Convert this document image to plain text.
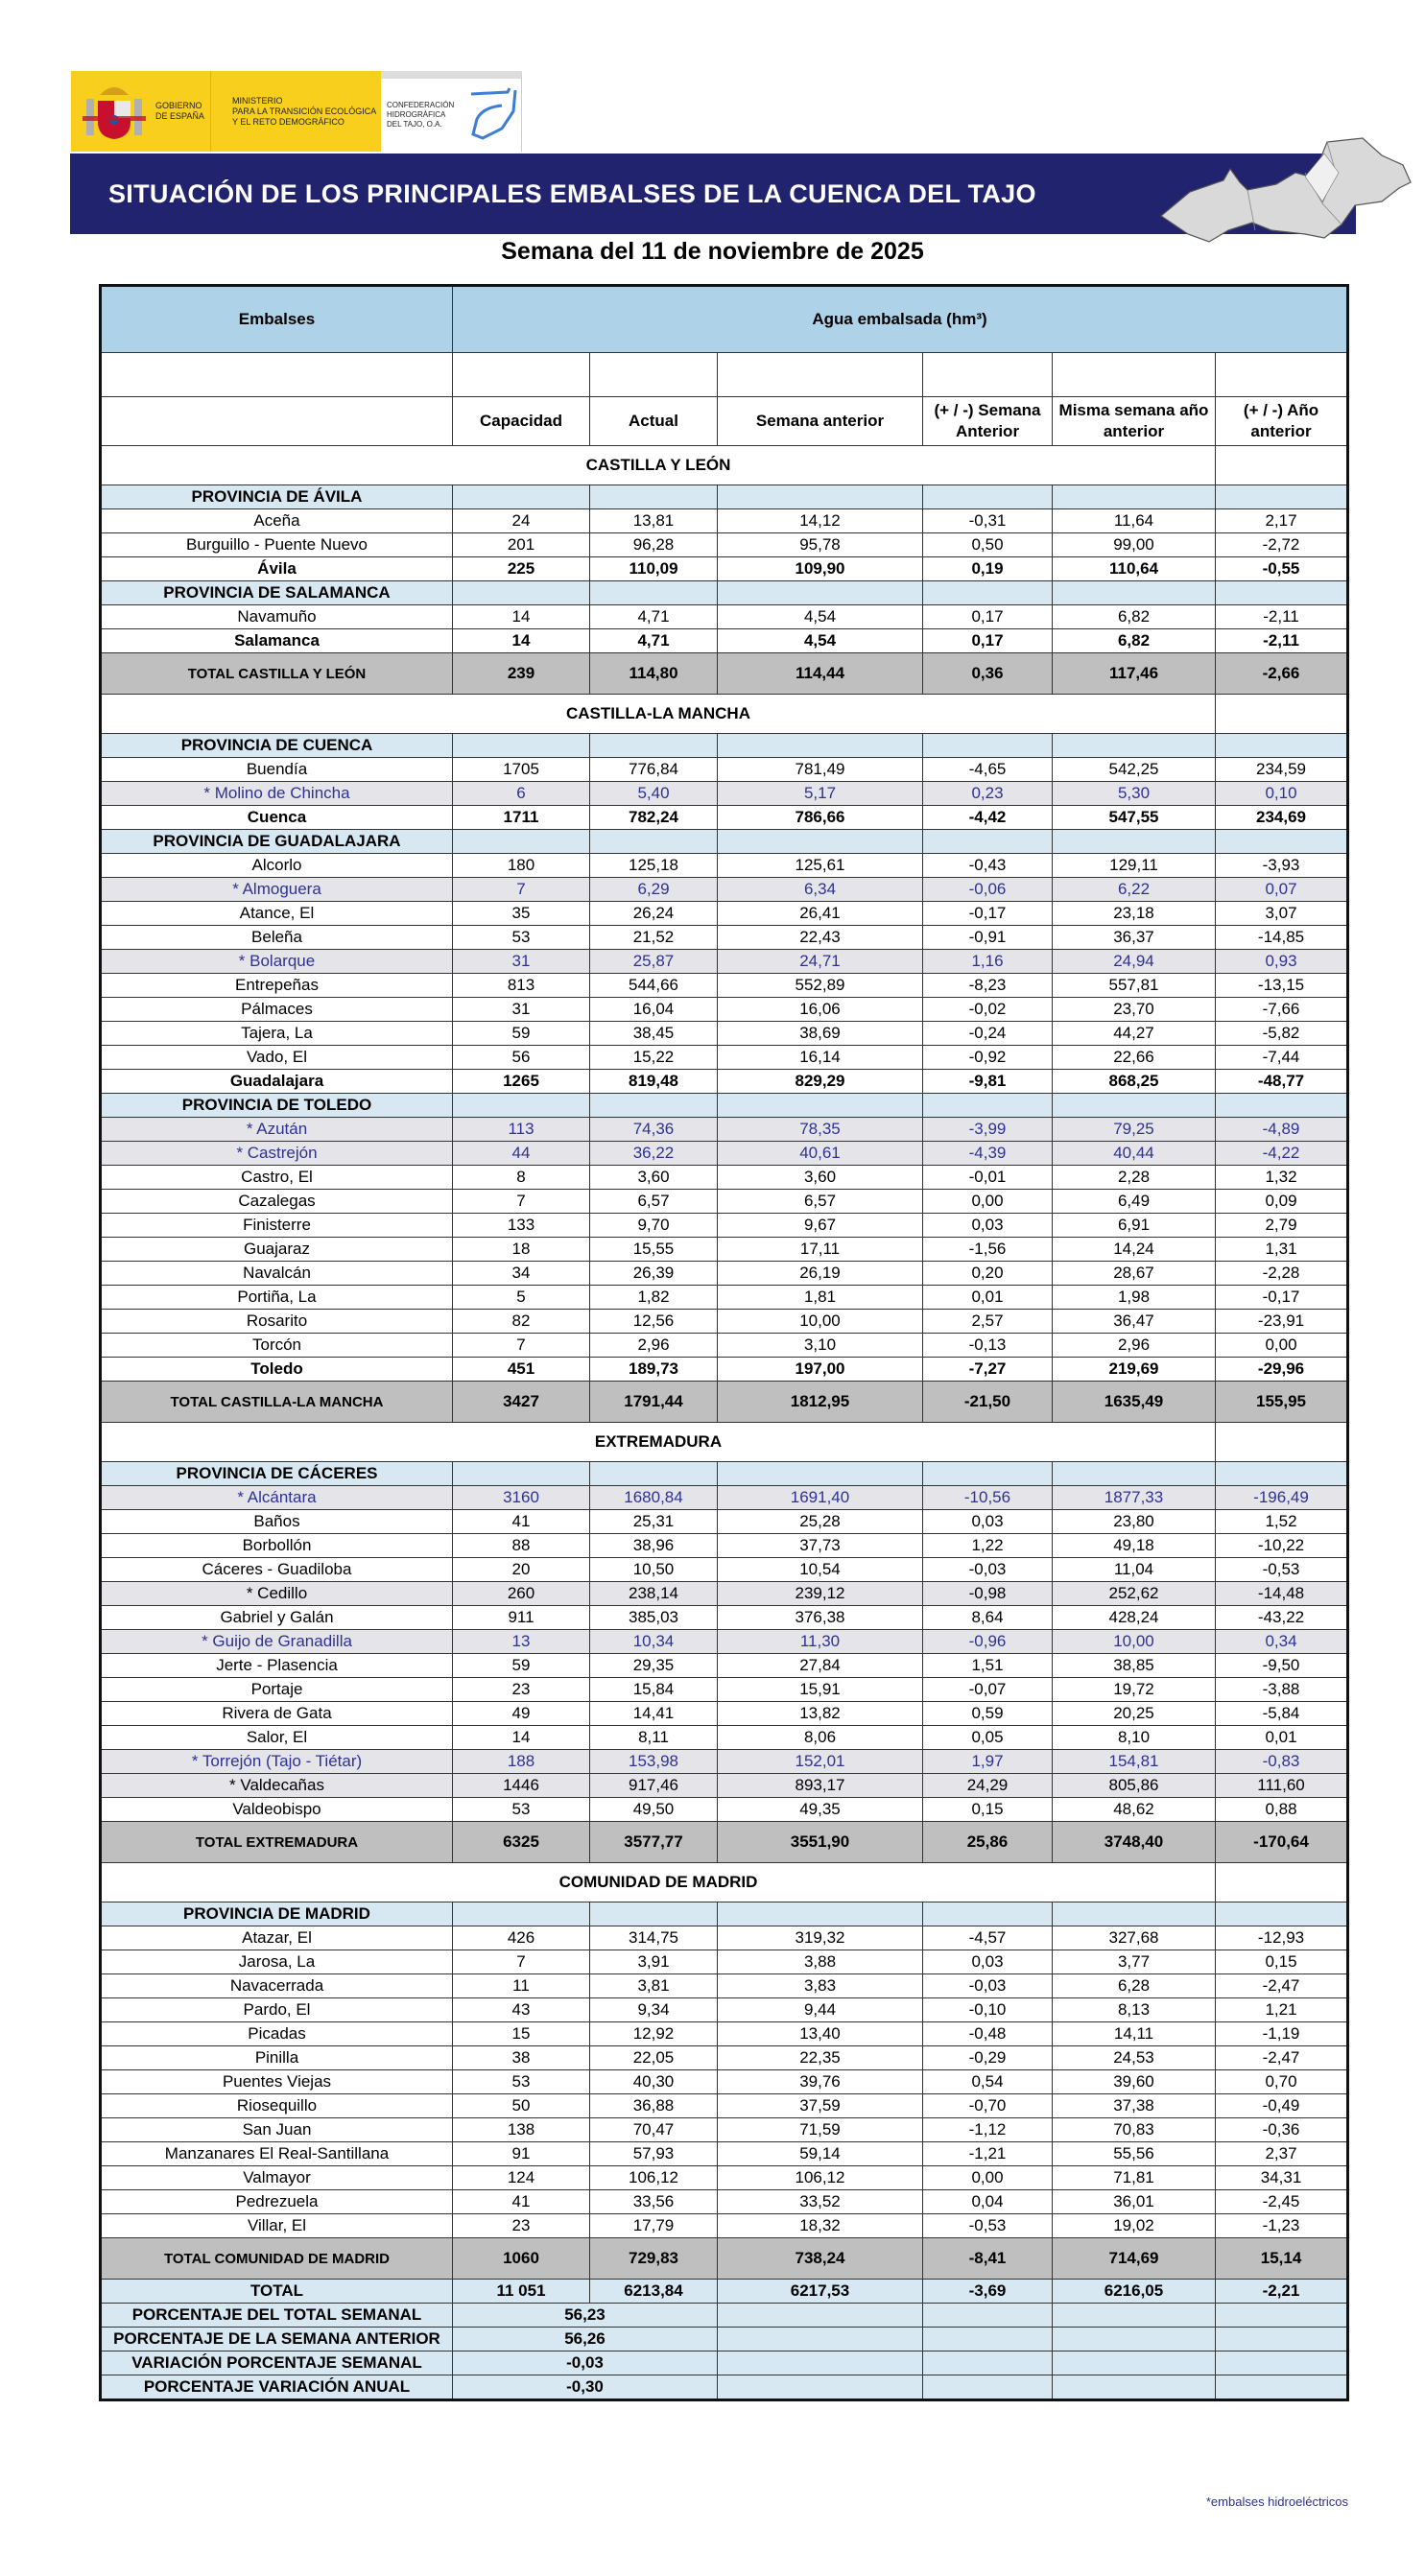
GOBIERNO
DE ESPAÑA
MINISTERIO
PARA LA TRANSICIÓN ECOLÓGICA
Y EL RETO DEMOGRÁFICO
CONFEDERACIÓN
HIDROGRÁFICA
DEL TAJO, O.A.
SITUACIÓN DE LOS PRINCIPALES EMBALSES DE LA CUENCA DEL TAJO
Semana del 11 de noviembre de 2025
Embalses	Agua embalsada (hm³)					

	Capacidad	Actual	Semana anterior	(+ / -) Semana Anterior	Misma semana año anterior	(+ / -) Año anterior
CASTILLA Y LEÓN						
PROVINCIA DE ÁVILA						
Aceña	24	13,81	14,12	-0,31	11,64	2,17
Burguillo - Puente Nuevo	201	96,28	95,78	0,50	99,00	-2,72
Ávila	225	110,09	109,90	0,19	110,64	-0,55
PROVINCIA DE SALAMANCA						
Navamuño	14	4,71	4,54	0,17	6,82	-2,11
Salamanca	14	4,71	4,54	0,17	6,82	-2,11
TOTAL CASTILLA Y LEÓN	239	114,80	114,44	0,36	117,46	-2,66
CASTILLA-LA MANCHA						
PROVINCIA DE CUENCA						
Buendía	1705	776,84	781,49	-4,65	542,25	234,59
* Molino de Chincha	6	5,40	5,17	0,23	5,30	0,10
Cuenca	1711	782,24	786,66	-4,42	547,55	234,69
PROVINCIA DE GUADALAJARA						
Alcorlo	180	125,18	125,61	-0,43	129,11	-3,93
* Almoguera	7	6,29	6,34	-0,06	6,22	0,07
Atance, El	35	26,24	26,41	-0,17	23,18	3,07
Beleña	53	21,52	22,43	-0,91	36,37	-14,85
* Bolarque	31	25,87	24,71	1,16	24,94	0,93
Entrepeñas	813	544,66	552,89	-8,23	557,81	-13,15
Pálmaces	31	16,04	16,06	-0,02	23,70	-7,66
Tajera, La	59	38,45	38,69	-0,24	44,27	-5,82
Vado, El	56	15,22	16,14	-0,92	22,66	-7,44
Guadalajara	1265	819,48	829,29	-9,81	868,25	-48,77
PROVINCIA DE TOLEDO						
* Azután	113	74,36	78,35	-3,99	79,25	-4,89
* Castrejón	44	36,22	40,61	-4,39	40,44	-4,22
Castro, El	8	3,60	3,60	-0,01	2,28	1,32
Cazalegas	7	6,57	6,57	0,00	6,49	0,09
Finisterre	133	9,70	9,67	0,03	6,91	2,79
Guajaraz	18	15,55	17,11	-1,56	14,24	1,31
Navalcán	34	26,39	26,19	0,20	28,67	-2,28
Portiña, La	5	1,82	1,81	0,01	1,98	-0,17
Rosarito	82	12,56	10,00	2,57	36,47	-23,91
Torcón	7	2,96	3,10	-0,13	2,96	0,00
Toledo	451	189,73	197,00	-7,27	219,69	-29,96
TOTAL CASTILLA-LA MANCHA	3427	1791,44	1812,95	-21,50	1635,49	155,95
EXTREMADURA						
PROVINCIA DE CÁCERES						
* Alcántara	3160	1680,84	1691,40	-10,56	1877,33	-196,49
Baños	41	25,31	25,28	0,03	23,80	1,52
Borbollón	88	38,96	37,73	1,22	49,18	-10,22
Cáceres - Guadiloba	20	10,50	10,54	-0,03	11,04	-0,53
* Cedillo	260	238,14	239,12	-0,98	252,62	-14,48
Gabriel y Galán	911	385,03	376,38	8,64	428,24	-43,22
* Guijo de Granadilla	13	10,34	11,30	-0,96	10,00	0,34
Jerte - Plasencia	59	29,35	27,84	1,51	38,85	-9,50
Portaje	23	15,84	15,91	-0,07	19,72	-3,88
Rivera de Gata	49	14,41	13,82	0,59	20,25	-5,84
Salor, El	14	8,11	8,06	0,05	8,10	0,01
* Torrejón (Tajo - Tiétar)	188	153,98	152,01	1,97	154,81	-0,83
* Valdecañas	1446	917,46	893,17	24,29	805,86	111,60
Valdeobispo	53	49,50	49,35	0,15	48,62	0,88
TOTAL EXTREMADURA	6325	3577,77	3551,90	25,86	3748,40	-170,64
COMUNIDAD DE MADRID						
PROVINCIA DE MADRID						
Atazar, El	426	314,75	319,32	-4,57	327,68	-12,93
Jarosa, La	7	3,91	3,88	0,03	3,77	0,15
Navacerrada	11	3,81	3,83	-0,03	6,28	-2,47
Pardo, El	43	9,34	9,44	-0,10	8,13	1,21
Picadas	15	12,92	13,40	-0,48	14,11	-1,19
Pinilla	38	22,05	22,35	-0,29	24,53	-2,47
Puentes Viejas	53	40,30	39,76	0,54	39,60	0,70
Riosequillo	50	36,88	37,59	-0,70	37,38	-0,49
San Juan	138	70,47	71,59	-1,12	70,83	-0,36
Manzanares El Real-Santillana	91	57,93	59,14	-1,21	55,56	2,37
Valmayor	124	106,12	106,12	0,00	71,81	34,31
Pedrezuela	41	33,56	33,52	0,04	36,01	-2,45
Villar, El	23	17,79	18,32	-0,53	19,02	-1,23
TOTAL COMUNIDAD DE MADRID	1060	729,83	738,24	-8,41	714,69	15,14
TOTAL	11 051	6213,84	6217,53	-3,69	6216,05	-2,21
PORCENTAJE DEL TOTAL SEMANAL	56,23					
PORCENTAJE DE LA SEMANA ANTERIOR	56,26					
VARIACIÓN PORCENTAJE SEMANAL	-0,03					
PORCENTAJE VARIACIÓN ANUAL	-0,30					
*embalses hidroeléctricos
